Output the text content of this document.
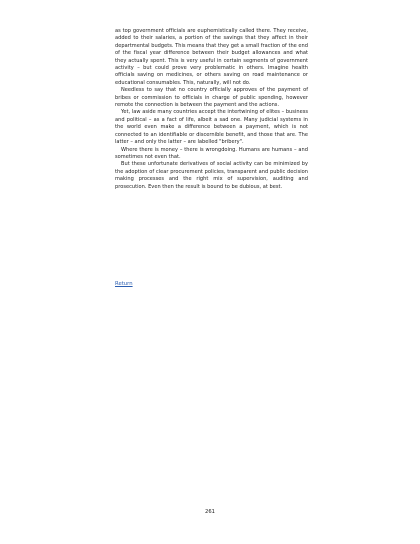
as top government officials are euphemistically called there. They receive, added to their salaries, a portion of the savings that they affect in their departmental budgets. This means that they get a small fraction of the end of the fiscal year difference between their budget allowances and what they actually spent. This is very useful in certain segments of government activity – but could prove very problematic in others. Imagine health officials saving on medicines, or others saving on road maintenance or educational consumables. This, naturally, will not do.

Needless to say that no country officially approves of the payment of bribes or commission to officials in charge of public spending, however remote the connection is between the payment and the actions.

Yet, law aside many countries accept the intertwining of elites – business and political – as a fact of life, albeit a sad one. Many judicial systems in the world even make a difference between a payment, which is not connected to an identifiable or discernible benefit, and those that are. The latter – and only the latter – are labelled "bribery".

Where there is money – there is wrongdoing. Humans are humans – and sometimes not even that.

But these unfortunate derivatives of social activity can be minimized by the adoption of clear procurement policies, transparent and public decision making processes and the right mix of supervision, auditing and prosecution. Even then the result is bound to be dubious, at best.

Return
261
